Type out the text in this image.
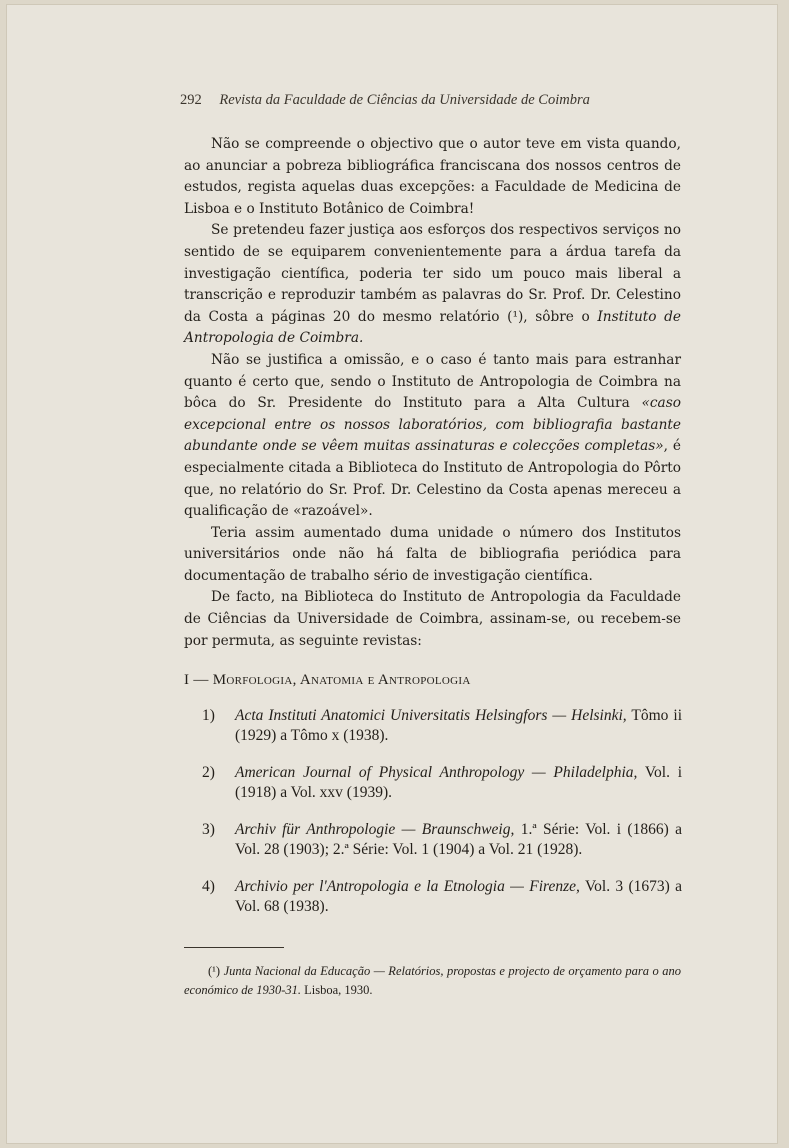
292 Revista da Faculdade de Ciências da Universidade de Coimbra

Não se compreende o objectivo que o autor teve em vista quando, ao anunciar a pobreza bibliográfica franciscana dos nossos centros de estudos, regista aquelas duas excepções: a Faculdade de Medicina de Lisboa e o Instituto Botânico de Coimbra!

Se pretendeu fazer justiça aos esforços dos respectivos serviços no sentido de se equiparem convenientemente para a árdua tarefa da investigação científica, poderia ter sido um pouco mais liberal a transcrição e reproduzir também as palavras do Sr. Prof. Dr. Celestino da Costa a páginas 20 do mesmo relatório (¹), sôbre o Instituto de Antropologia de Coimbra.

Não se justifica a omissão, e o caso é tanto mais para estranhar quanto é certo que, sendo o Instituto de Antropologia de Coimbra na bôca do Sr. Presidente do Instituto para a Alta Cultura «caso excepcional entre os nossos laboratórios, com bibliografia bastante abundante onde se vêem muitas assinaturas e colecções completas», é especialmente citada a Biblioteca do Instituto de Antropologia do Pôrto que, no relatório do Sr. Prof. Dr. Celestino da Costa apenas mereceu a qualificação de «razoável».

Teria assim aumentado duma unidade o número dos Institutos universitários onde não há falta de bibliografia periódica para documentação de trabalho sério de investigação científica.

De facto, na Biblioteca do Instituto de Antropologia da Faculdade de Ciências da Universidade de Coimbra, assinam-se, ou recebem-se por permuta, as seguinte revistas:

I — Morfologia, Anatomia e Antropologia
1)	Acta Instituti Anatomici Universitatis Helsingfors — Helsinki, Tômo ii (1929) a Tômo x (1938).
2)	American Journal of Physical Anthropology — Philadelphia, Vol. i (1918) a Vol. xxv (1939).
3)	Archiv für Anthropologie — Braunschweig, 1.ª Série: Vol. i (1866) a Vol. 28 (1903); 2.ª Série: Vol. 1 (1904) a Vol. 21 (1928).
4)	Archivio per l'Antropologia e la Etnologia — Firenze, Vol. 3 (1673) a Vol. 68 (1938).
(¹) Junta Nacional da Educação — Relatórios, propostas e projecto de orçamento para o ano económico de 1930-31. Lisboa, 1930.
